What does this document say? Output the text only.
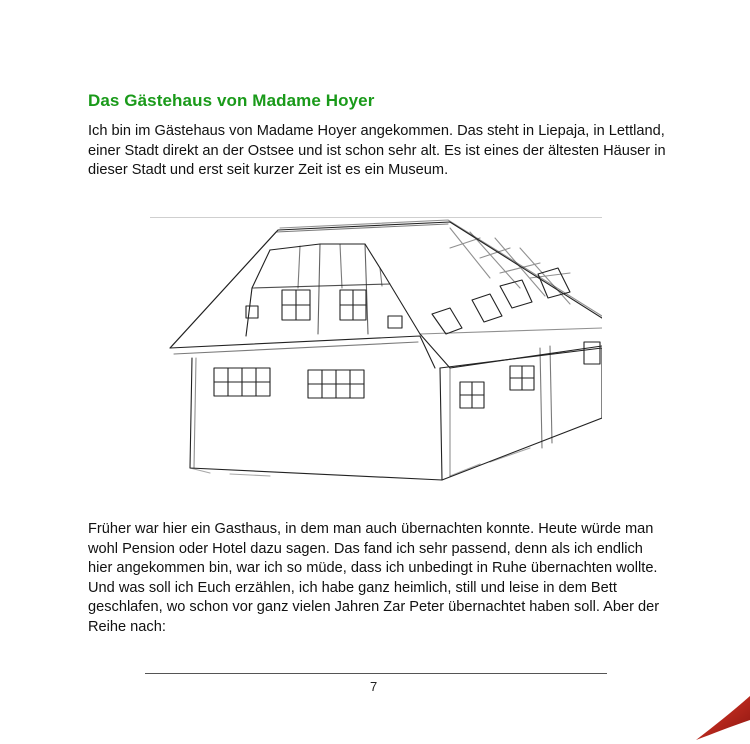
Das Gästehaus von Madame Hoyer

Ich bin im Gästehaus von Madame Hoyer angekommen. Das steht in Liepaja, in Lettland, einer Stadt direkt an der Ostsee und ist schon sehr alt. Es ist eines der ältesten Häuser in dieser Stadt und erst seit kurzer Zeit ist es ein Museum.

Früher war hier ein Gasthaus, in dem man auch übernachten konnte. Heute würde man wohl Pension oder Hotel dazu sagen. Das fand ich sehr passend, denn als ich endlich hier angekommen bin, war ich so müde, dass ich unbedingt in Ruhe übernachten wollte. Und was soll ich Euch erzählen, ich habe ganz heimlich, still und leise in dem Bett geschlafen, wo schon vor ganz vielen Jahren Zar Peter übernachtet haben soll. Aber der Reihe nach:

7
